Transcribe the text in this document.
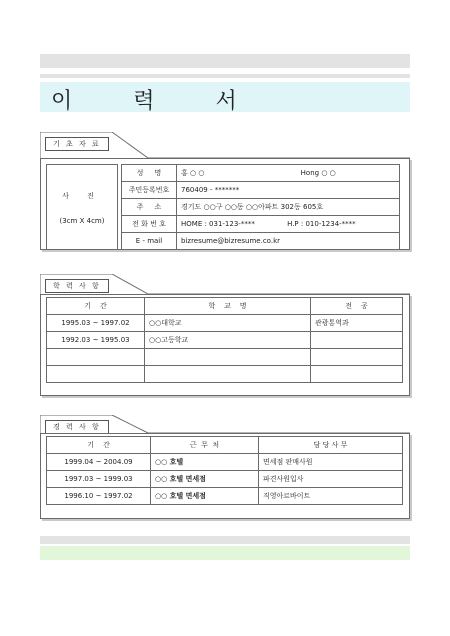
이 력 서
기 초 자 료
사 진
(3cm X 4cm)
성     명	홍 ○ ○ Hong ○ ○
주민등록번호	760409 - *******
주     소	경기도 ○○구 ○○동 ○○아파트 302동 605호
전 화 번 호	HOME : 031-123-**** H.P : 010-1234-****
E - mail	bizresume@bizresume.co.kr
학 력 사 항
기    간	학    교    명	전    공
1995.03 ~ 1997.02	○○대학교	관광통역과
1992.03 ~ 1995.03	○○고등학교	

경 력 사 항
기    간	근  무  처	담 당 사 무
1999.04 ~ 2004.09	○○ 호텔	면세점 판매사원
1997.03 ~ 1999.03	○○ 호텔 면세점	파견사원입사
1996.10 ~ 1997.02	○○ 호텔 면세점	직영아르바이트
